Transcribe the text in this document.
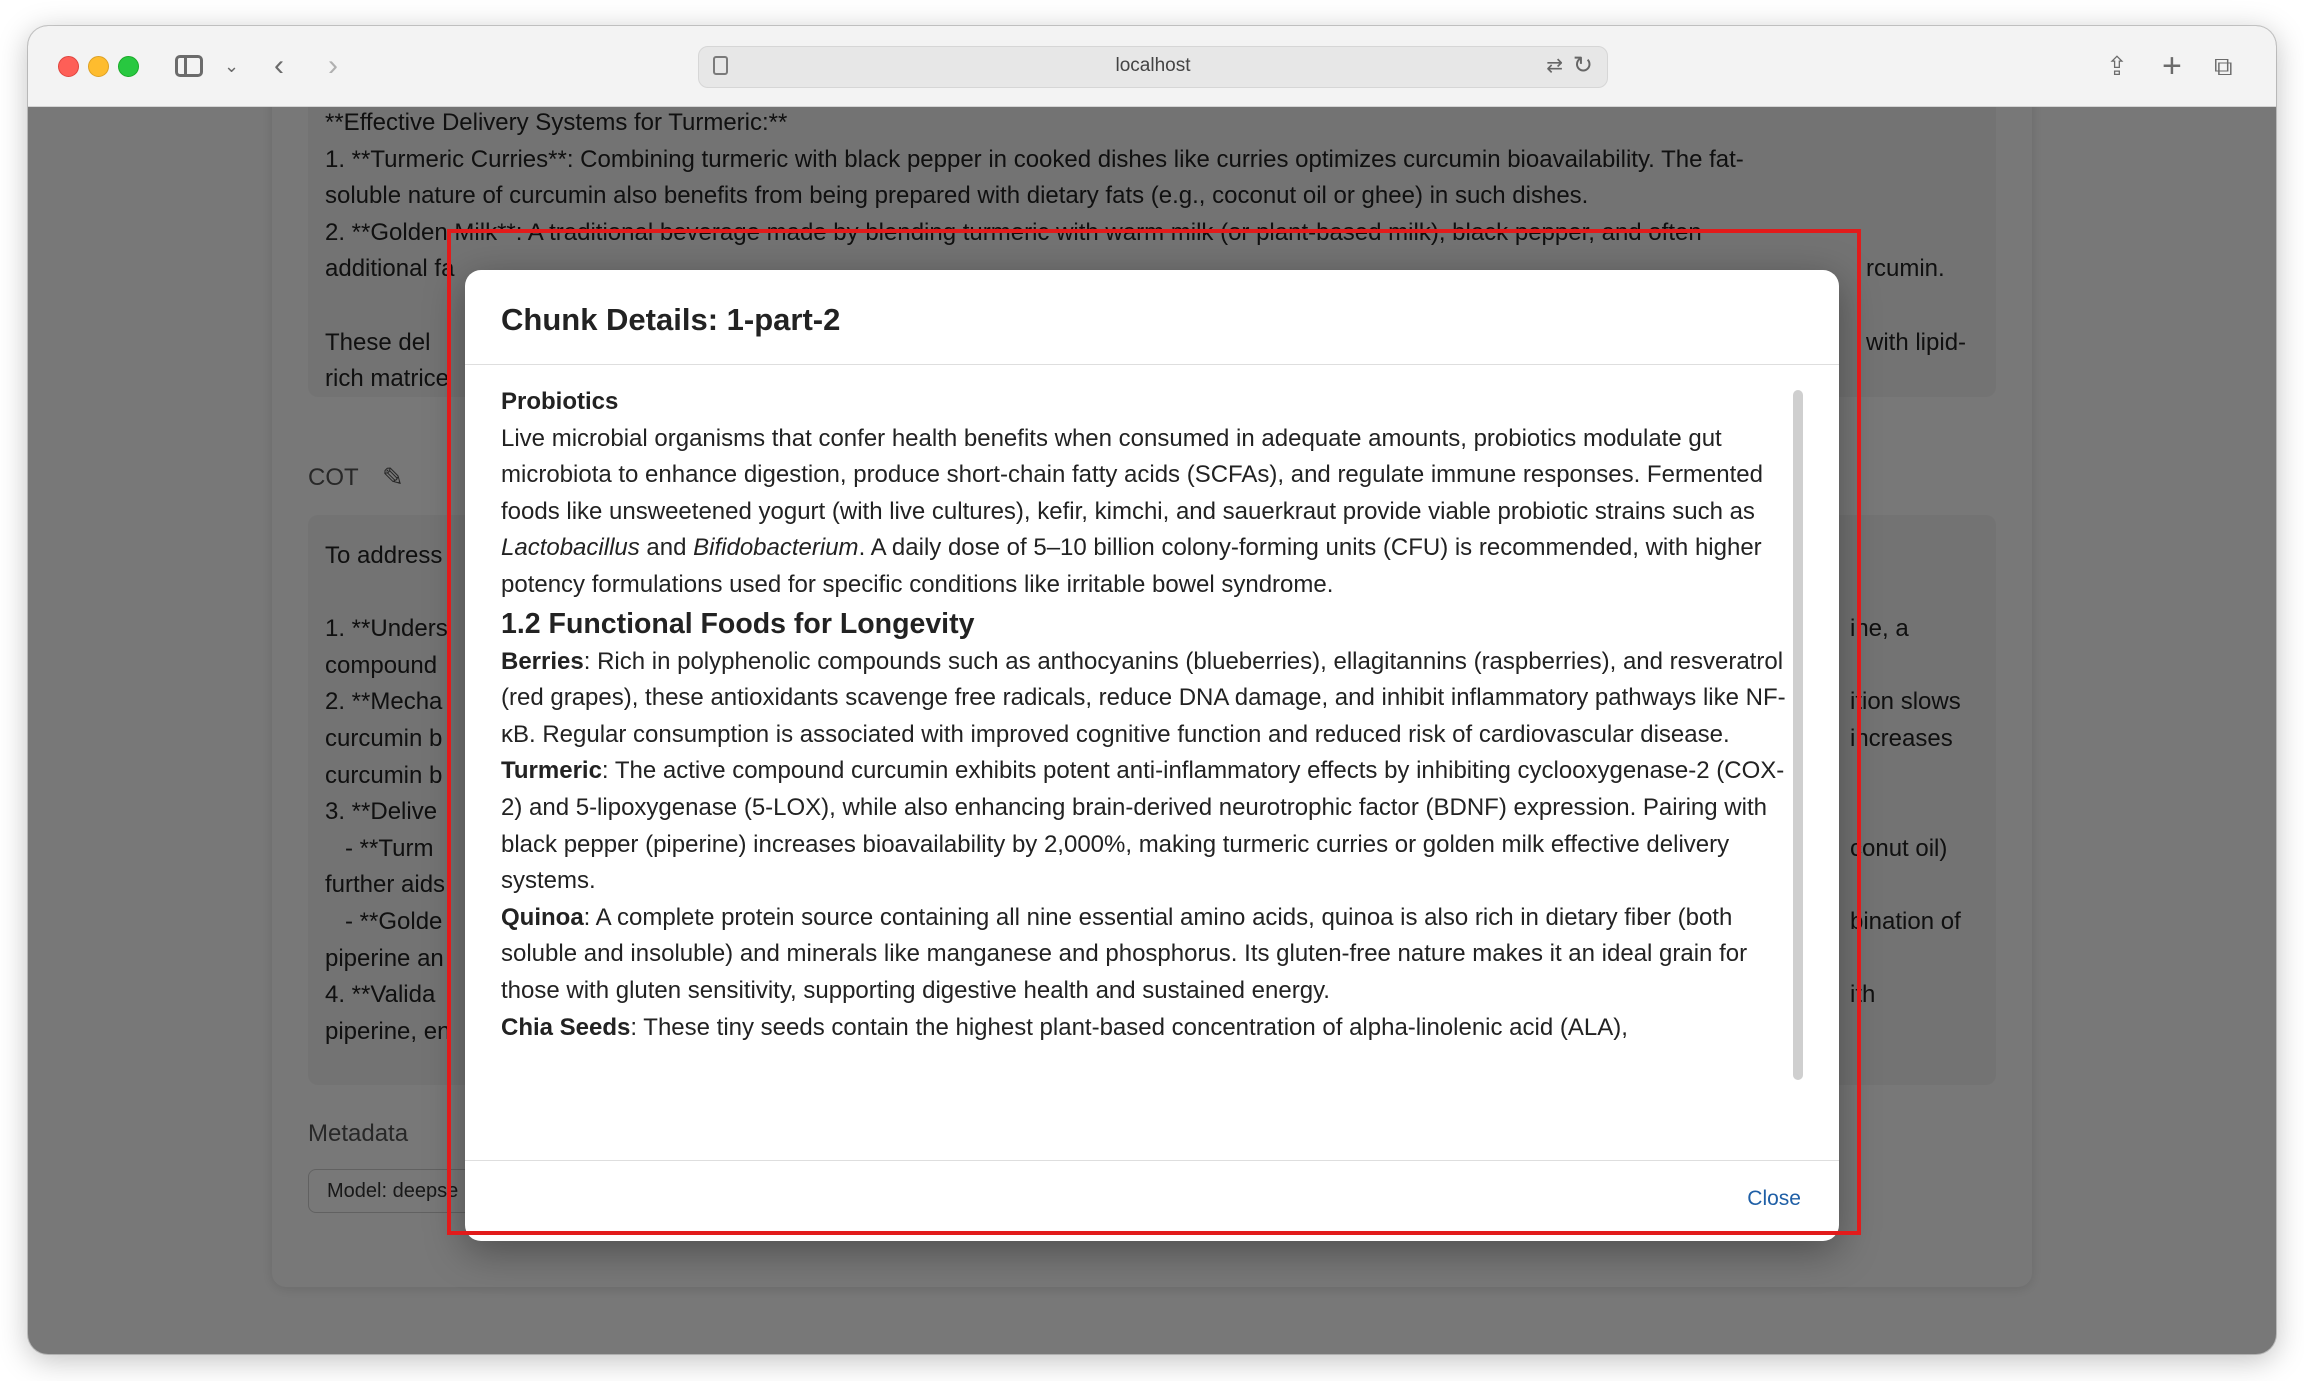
⌄ ‹ ›	localhost	⇄ ↻	⇪ + ⧉

Chunk Details: 1-part-2
Probiotics

Live microbial organisms that confer health benefits when consumed in adequate amounts, probiotics modulate gut microbiota to enhance digestion, produce short-chain fatty acids (SCFAs), and regulate immune responses. Fermented foods like unsweetened yogurt (with live cultures), kefir, kimchi, and sauerkraut provide viable probiotic strains such as Lactobacillus and Bifidobacterium. A daily dose of 5–10 billion colony-forming units (CFU) is recommended, with higher potency formulations used for specific conditions like irritable bowel syndrome.

1.2 Functional Foods for Longevity

Berries: Rich in polyphenolic compounds such as anthocyanins (blueberries), ellagitannins (raspberries), and resveratrol (red grapes), these antioxidants scavenge free radicals, reduce DNA damage, and inhibit inflammatory pathways like NF-κB. Regular consumption is associated with improved cognitive function and reduced risk of cardiovascular disease.

Turmeric: The active compound curcumin exhibits potent anti-inflammatory effects by inhibiting cyclooxygenase-2 (COX-2) and 5-lipoxygenase (5-LOX), while also enhancing brain-derived neurotrophic factor (BDNF) expression. Pairing with black pepper (piperine) increases bioavailability by 2,000%, making turmeric curries or golden milk effective delivery systems.

Quinoa: A complete protein source containing all nine essential amino acids, quinoa is also rich in dietary fiber (both soluble and insoluble) and minerals like manganese and phosphorus. Its gluten-free nature makes it an ideal grain for those with gluten sensitivity, supporting digestive health and sustained energy.

Chia Seeds: These tiny seeds contain the highest plant-based concentration of alpha-linolenic acid (ALA),

Close
